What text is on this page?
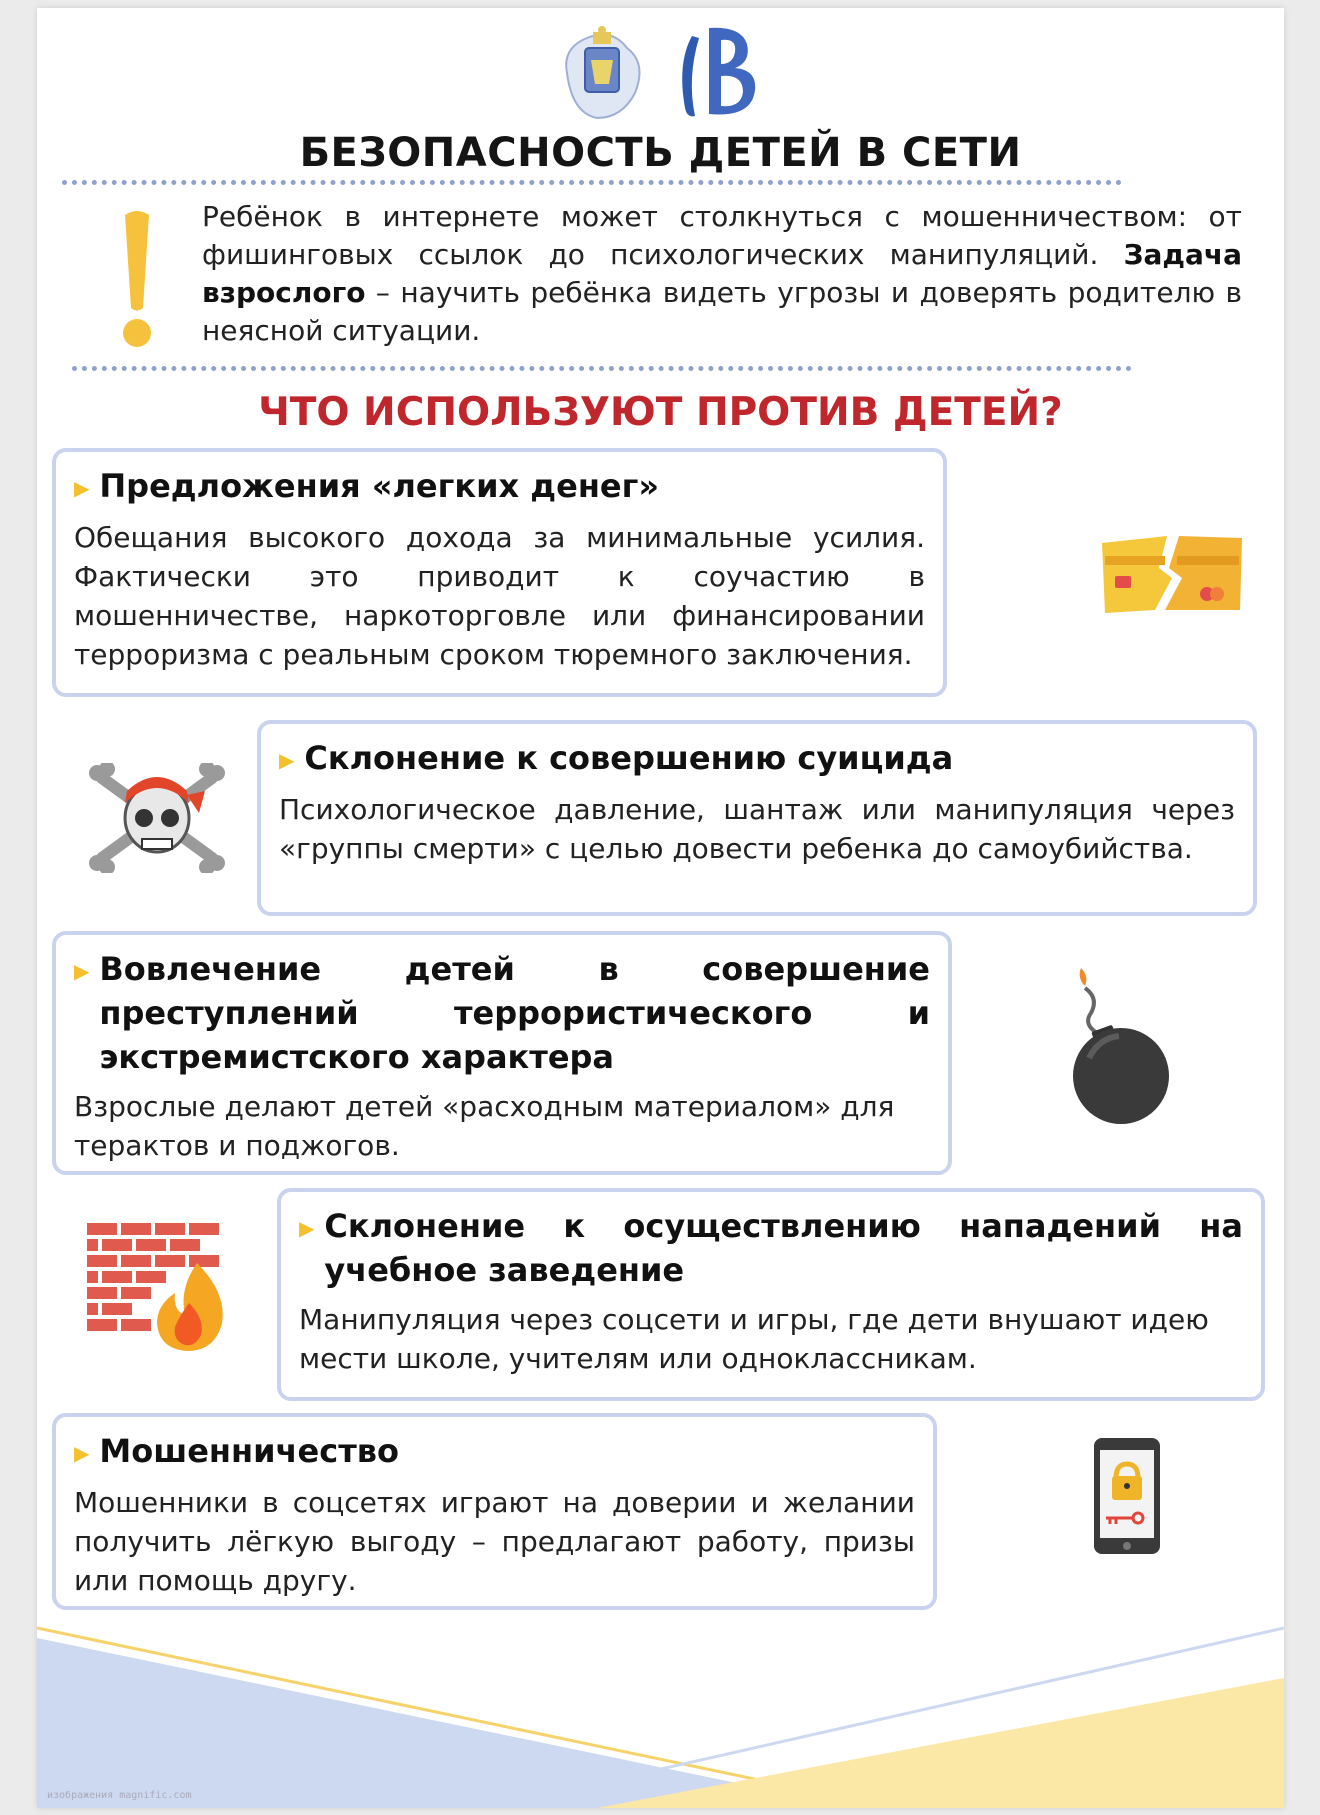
БЕЗОПАСНОСТЬ ДЕТЕЙ В СЕТИ
Ребёнок в интернете может столкнуться с мошенничеством: от фишинговых ссылок до психологических манипуляций. Задача взрослого – научить ребёнка видеть угрозы и доверять родителю в неясной ситуации.
ЧТО ИСПОЛЬЗУЮТ ПРОТИВ ДЕТЕЙ?
▶ Предложения «легких денег»
Обещания высокого дохода за минимальные усилия. Фактически это приводит к соучастию в мошенничестве, наркоторговле или финансировании терроризма с реальным сроком тюремного заключения.
▶ Склонение к совершению суицида
Психологическое давление, шантаж или манипуляция через «группы смерти» с целью довести ребенка до самоубийства.
▶ Вовлечение детей в совершение преступлений террористического и экстремистского характера
Взрослые делают детей «расходным материалом» для терактов и поджогов.
▶ Склонение к осуществлению нападений на учебное заведение
Манипуляция через соцсети и игры, где дети внушают идею мести школе, учителям или одноклассникам.
▶ Мошенничество
Мошенники в соцсетях играют на доверии и желании получить лёгкую выгоду – предлагают работу, призы или помощь другу.
изображения magnific.com
